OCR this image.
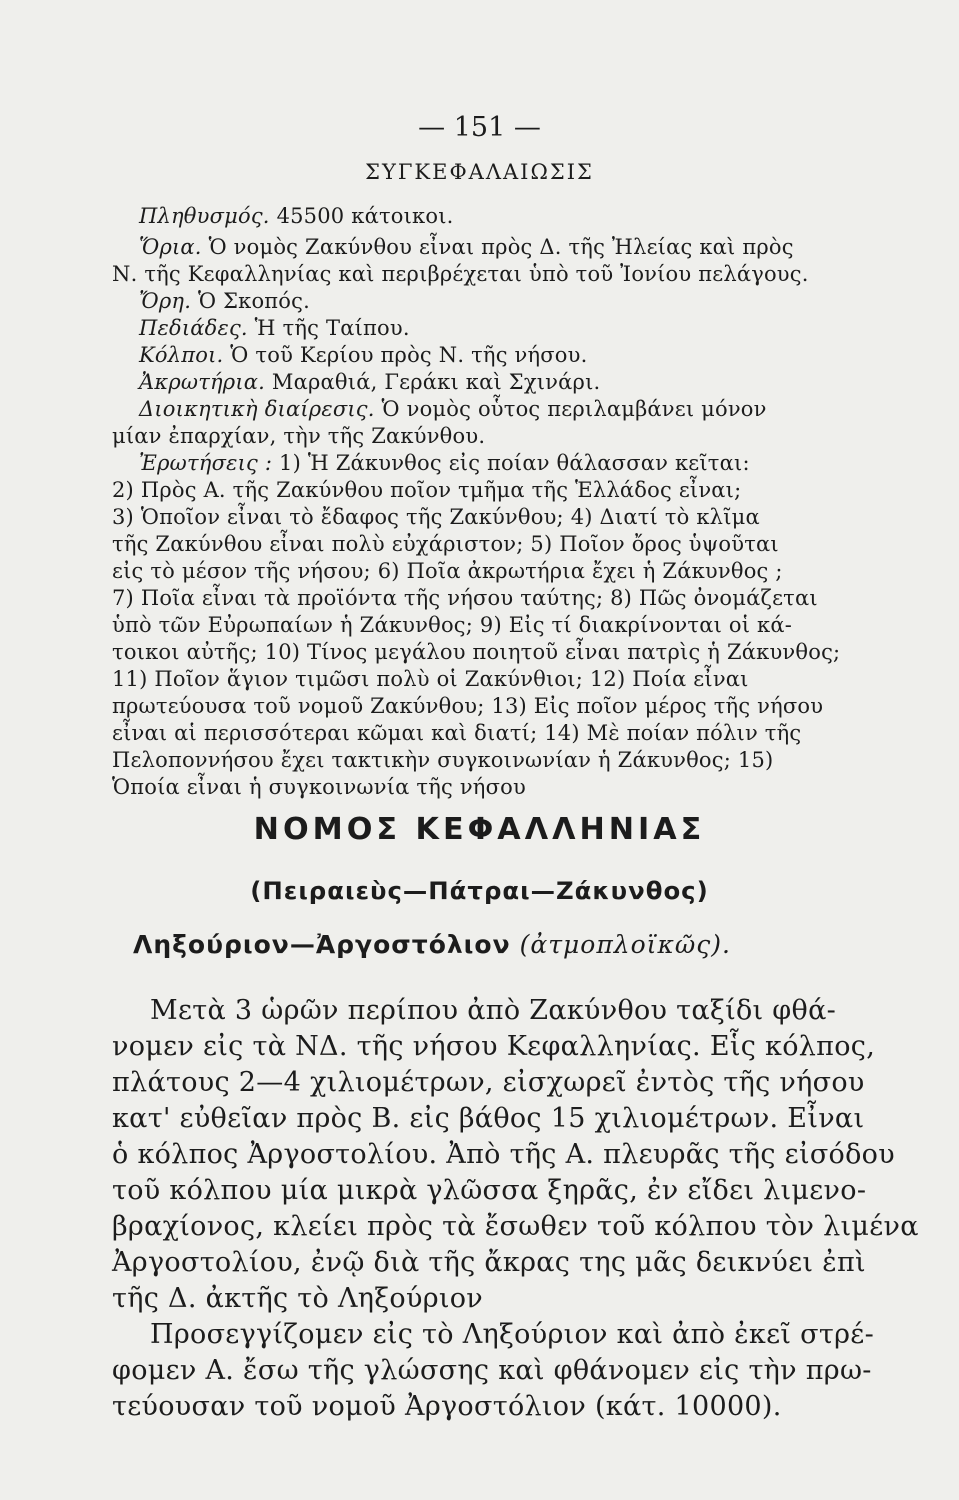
— 151 —
ΣΥΓΚΕΦΑΛΑΙΩΣΙΣ
Πληθυσμός. 45500 κάτοικοι.
Ὅρια. Ὁ νομὸς Ζακύνθου εἶναι πρὸς Δ. τῆς Ἠλείας καὶ πρὸς
Ν. τῆς Κεφαλληνίας καὶ περιβρέχεται ὑπὸ τοῦ Ἰονίου πελάγους.
Ὄρη. Ὁ Σκοπός.
Πεδιάδες. Ἡ τῆς Ταίπου.
Κόλποι. Ὁ τοῦ Κερίου πρὸς Ν. τῆς νήσου.
Ἀκρωτήρια. Μαραθιά, Γεράκι καὶ Σχινάρι.
Διοικητικὴ διαίρεσις. Ὁ νομὸς οὗτος περιλαμβάνει μόνον
μίαν ἐπαρχίαν, τὴν τῆς Ζακύνθου.
Ἐρωτήσεις : 1) Ἡ Ζάκυνθος εἰς ποίαν θάλασσαν κεῖται:
2) Πρὸς Α. τῆς Ζακύνθου ποῖον τμῆμα τῆς Ἑλλάδος εἶναι;
3) Ὁποῖον εἶναι τὸ ἔδαφος τῆς Ζακύνθου; 4) Διατί τὸ κλῖμα
τῆς Ζακύνθου εἶναι πολὺ εὐχάριστον; 5) Ποῖον ὄρος ὑψοῦται
εἰς τὸ μέσον τῆς νήσου; 6) Ποῖα ἀκρωτήρια ἔχει ἡ Ζάκυνθος ;
7) Ποῖα εἶναι τὰ προϊόντα τῆς νήσου ταύτης; 8) Πῶς ὀνομάζεται
ὑπὸ τῶν Εὐρωπαίων ἡ Ζάκυνθος; 9) Εἰς τί διακρίνονται οἱ κά-
τοικοι αὐτῆς; 10) Τίνος μεγάλου ποιητοῦ εἶναι πατρὶς ἡ Ζάκυνθος;
11) Ποῖον ἅγιον τιμῶσι πολὺ οἱ Ζακύνθιοι; 12) Ποία εἶναι
πρωτεύουσα τοῦ νομοῦ Ζακύνθου; 13) Εἰς ποῖον μέρος τῆς νήσου
εἶναι αἱ περισσότεραι κῶμαι καὶ διατί; 14) Μὲ ποίαν πόλιν τῆς
Πελοποννήσου ἔχει τακτικὴν συγκοινωνίαν ἡ Ζάκυνθος; 15)
Ὁποία εἶναι ἡ συγκοινωνία τῆς νήσου
ΝΟΜΟΣ ΚΕΦΑΛΛΗΝΙΑΣ
(Πειραιεὺς—Πάτραι—Ζάκυνθος)
Ληξούριον—Ἀργοστόλιον (ἀτμοπλοϊκῶς).
Μετὰ 3 ὡρῶν περίπου ἀπὸ Ζακύνθου ταξίδι φθά-
νομεν εἰς τὰ ΝΔ. τῆς νήσου Κεφαλληνίας. Εἷς κόλπος,
πλάτους 2—4 χιλιομέτρων, εἰσχωρεῖ ἐντὸς τῆς νήσου
κατ' εὐθεῖαν πρὸς Β. εἰς βάθος 15 χιλιομέτρων. Εἶναι
ὁ κόλπος Ἀργοστολίου. Ἀπὸ τῆς Α. πλευρᾶς τῆς εἰσόδου
τοῦ κόλπου μία μικρὰ γλῶσσα ξηρᾶς, ἐν εἴδει λιμενο-
βραχίονος, κλείει πρὸς τὰ ἔσωθεν τοῦ κόλπου τὸν λιμένα
Ἀργοστολίου, ἐνῷ διὰ τῆς ἄκρας της μᾶς δεικνύει ἐπὶ
τῆς Δ. ἀκτῆς τὸ Ληξούριον
Προσεγγίζομεν εἰς τὸ Ληξούριον καὶ ἀπὸ ἐκεῖ στρέ-
φομεν Α. ἔσω τῆς γλώσσης καὶ φθάνομεν εἰς τὴν πρω-
τεύουσαν τοῦ νομοῦ Ἀργοστόλιον (κάτ. 10000).
